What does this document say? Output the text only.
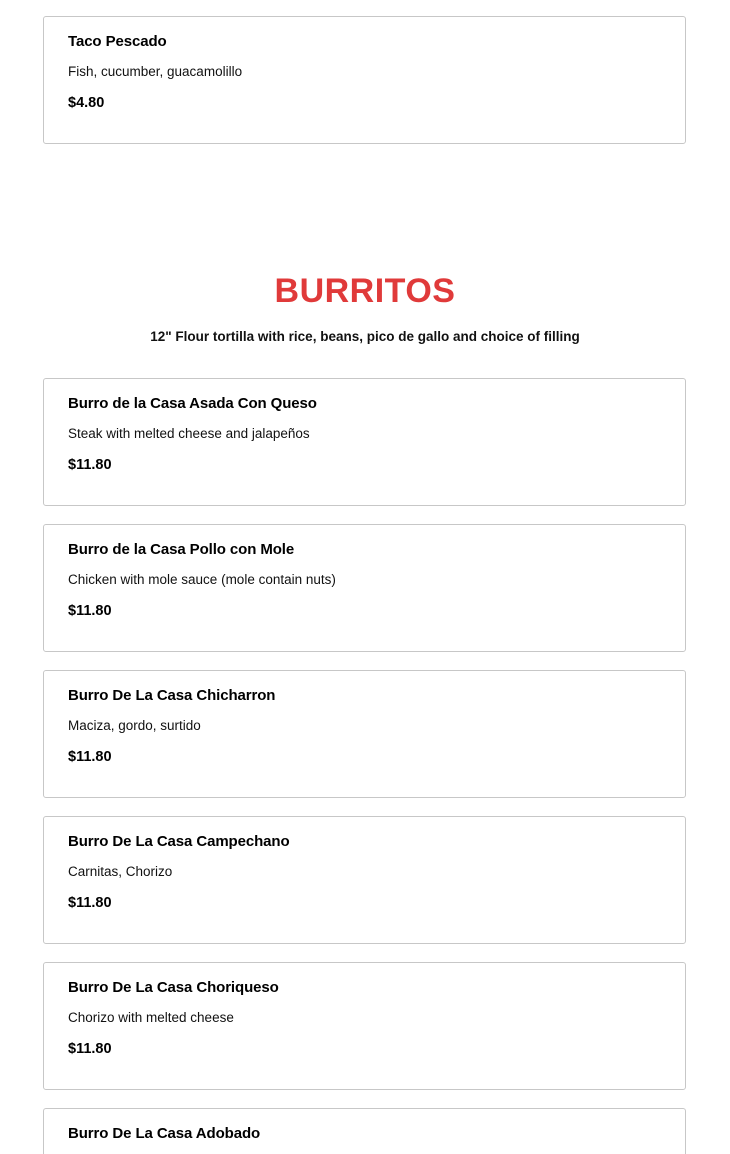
Taco Pescado
Fish, cucumber, guacamolillo
$4.80
BURRITOS
12" Flour tortilla with rice, beans, pico de gallo and choice of filling
Burro de la Casa Asada Con Queso
Steak with melted cheese and jalapeños
$11.80
Burro de la Casa Pollo con Mole
Chicken with mole sauce (mole contain nuts)
$11.80
Burro De La Casa Chicharron
Maciza, gordo, surtido
$11.80
Burro De La Casa Campechano
Carnitas, Chorizo
$11.80
Burro De La Casa Choriqueso
Chorizo with melted cheese
$11.80
Burro De La Casa Adobado
